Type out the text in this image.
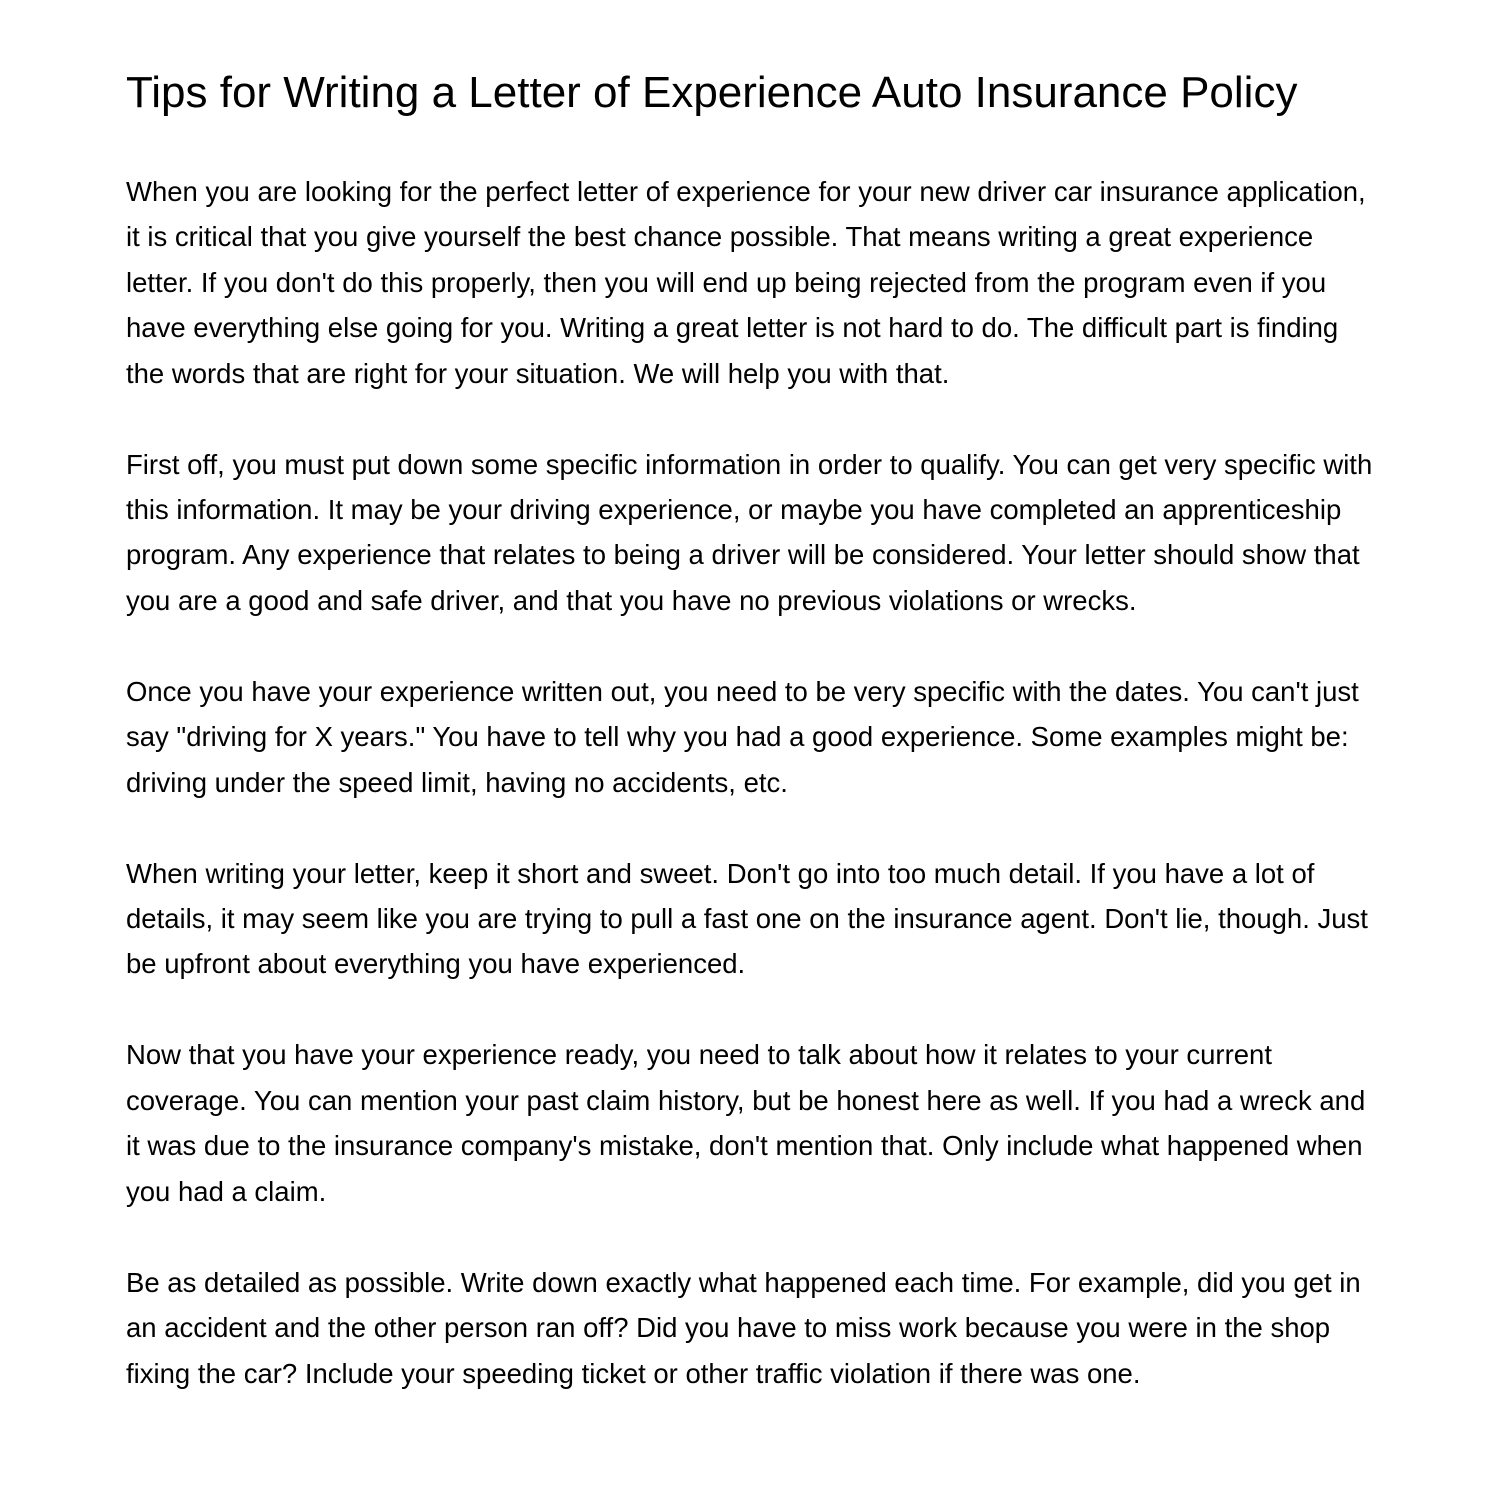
Tips for Writing a Letter of Experience Auto Insurance Policy

When you are looking for the perfect letter of experience for your new driver car insurance application, it is critical that you give yourself the best chance possible. That means writing a great experience letter. If you don't do this properly, then you will end up being rejected from the program even if you have everything else going for you. Writing a great letter is not hard to do. The difficult part is finding the words that are right for your situation. We will help you with that.

First off, you must put down some specific information in order to qualify. You can get very specific with this information. It may be your driving experience, or maybe you have completed an apprenticeship program. Any experience that relates to being a driver will be considered. Your letter should show that you are a good and safe driver, and that you have no previous violations or wrecks.

Once you have your experience written out, you need to be very specific with the dates. You can't just say "driving for X years." You have to tell why you had a good experience. Some examples might be: driving under the speed limit, having no accidents, etc.

When writing your letter, keep it short and sweet. Don't go into too much detail. If you have a lot of details, it may seem like you are trying to pull a fast one on the insurance agent. Don't lie, though. Just be upfront about everything you have experienced.

Now that you have your experience ready, you need to talk about how it relates to your current coverage. You can mention your past claim history, but be honest here as well. If you had a wreck and it was due to the insurance company's mistake, don't mention that. Only include what happened when you had a claim.

Be as detailed as possible. Write down exactly what happened each time. For example, did you get in an accident and the other person ran off? Did you have to miss work because you were in the shop fixing the car? Include your speeding ticket or other traffic violation if there was one.
